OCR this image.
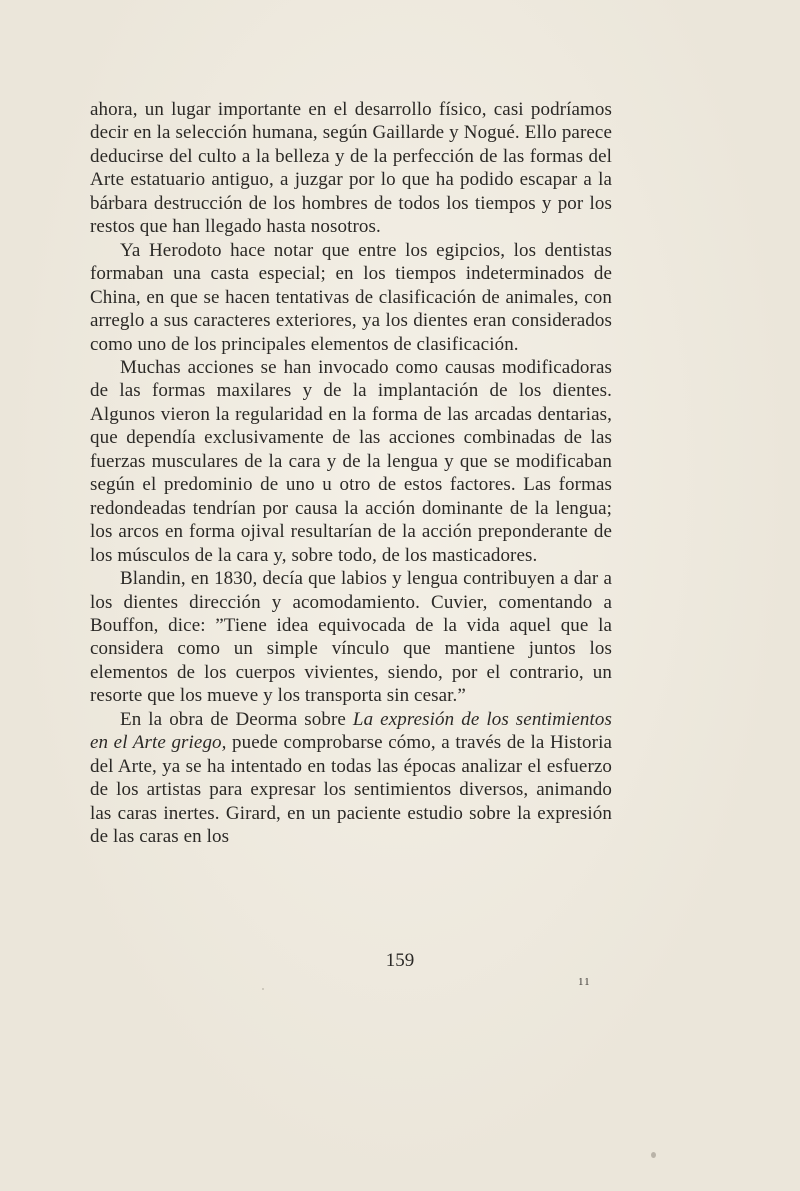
ahora, un lugar importante en el desarrollo físico, casi podríamos decir en la selección humana, según Gaillarde y Nogué. Ello parece deducirse del culto a la belleza y de la perfección de las formas del Arte estatuario antiguo, a juzgar por lo que ha podido escapar a la bárbara destrucción de los hombres de todos los tiempos y por los restos que han llegado hasta nosotros.

Ya Herodoto hace notar que entre los egipcios, los dentistas formaban una casta especial; en los tiempos indeterminados de China, en que se hacen tentativas de clasificación de animales, con arreglo a sus caracteres exteriores, ya los dientes eran considerados como uno de los principales elementos de clasificación.

Muchas acciones se han invocado como causas modificadoras de las formas maxilares y de la implantación de los dientes. Algunos vieron la regularidad en la forma de las arcadas dentarias, que dependía exclusivamente de las acciones combinadas de las fuerzas musculares de la cara y de la lengua y que se modificaban según el predominio de uno u otro de estos factores. Las formas redondeadas tendrían por causa la acción dominante de la lengua; los arcos en forma ojival resultarían de la acción preponderante de los músculos de la cara y, sobre todo, de los masticadores.

Blandin, en 1830, decía que labios y lengua contribuyen a dar a los dientes dirección y acomodamiento. Cuvier, comentando a Bouffon, dice: ”Tiene idea equivocada de la vida aquel que la considera como un simple vínculo que mantiene juntos los elementos de los cuerpos vivientes, siendo, por el contrario, un resorte que los mueve y los transporta sin cesar.”

En la obra de Deorma sobre La expresión de los sentimientos en el Arte griego, puede comprobarse cómo, a través de la Historia del Arte, ya se ha intentado en todas las épocas analizar el esfuerzo de los artistas para expresar los sentimientos diversos, animando las caras inertes. Girard, en un paciente estudio sobre la expresión de las caras en los

159
11
